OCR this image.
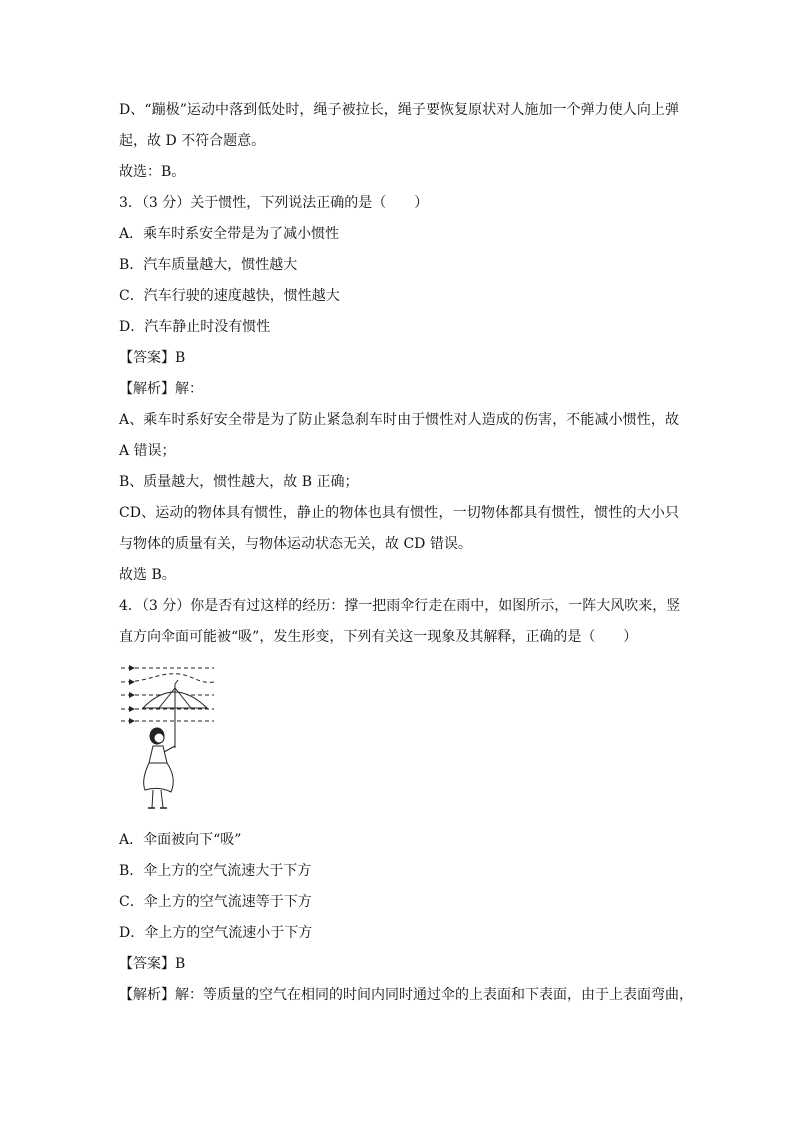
D、“蹦极”运动中落到低处时，绳子被拉长，绳子要恢复原状对人施加一个弹力使人向上弹
起，故 D 不符合题意。
故选：B。
3．（3 分）关于惯性，下列说法正确的是（　　）
A．乘车时系安全带是为了减小惯性
B．汽车质量越大，惯性越大
C．汽车行驶的速度越快，惯性越大
D．汽车静止时没有惯性
【答案】B
【解析】解：
A、乘车时系好安全带是为了防止紧急刹车时由于惯性对人造成的伤害，不能减小惯性，故
A 错误；
B、质量越大，惯性越大，故 B 正确；
CD、运动的物体具有惯性，静止的物体也具有惯性，一切物体都具有惯性，惯性的大小只
与物体的质量有关，与物体运动状态无关，故 CD 错误。
故选 B。
4．（3 分）你是否有过这样的经历：撑一把雨伞行走在雨中，如图所示，一阵大风吹来，竖
直方向伞面可能被“吸”，发生形变，下列有关这一现象及其解释，正确的是（　　）
A．伞面被向下“吸”
B．伞上方的空气流速大于下方
C．伞上方的空气流速等于下方
D．伞上方的空气流速小于下方
【答案】B
【解析】解：等质量的空气在相同的时间内同时通过伞的上表面和下表面，由于上表面弯曲，
